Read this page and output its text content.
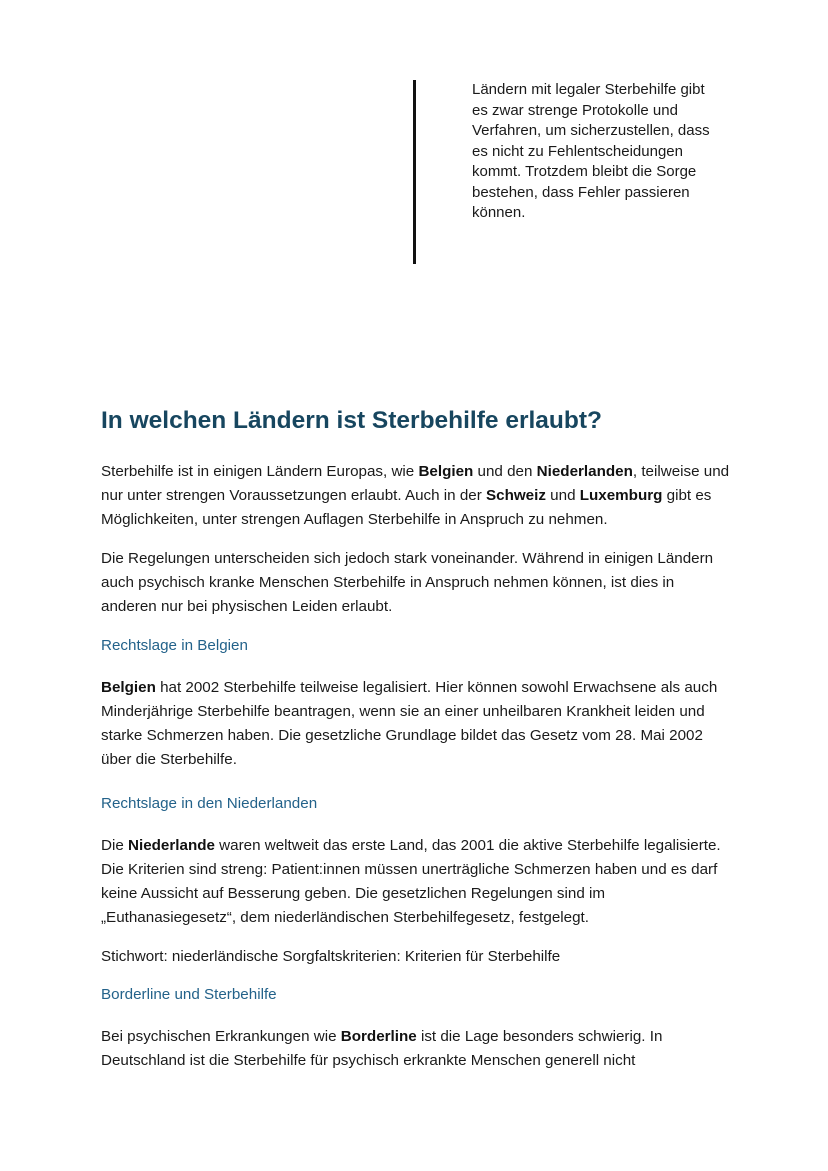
Ländern mit legaler Sterbehilfe gibt es zwar strenge Protokolle und Verfahren, um sicherzustellen, dass es nicht zu Fehlentscheidungen kommt. Trotzdem bleibt die Sorge bestehen, dass Fehler passieren können.

In welchen Ländern ist Sterbehilfe erlaubt?

Sterbehilfe ist in einigen Ländern Europas, wie Belgien und den Niederlanden, teilweise und nur unter strengen Voraussetzungen erlaubt. Auch in der Schweiz und Luxemburg gibt es Möglichkeiten, unter strengen Auflagen Sterbehilfe in Anspruch zu nehmen.

Die Regelungen unterscheiden sich jedoch stark voneinander. Während in einigen Ländern auch psychisch kranke Menschen Sterbehilfe in Anspruch nehmen können, ist dies in anderen nur bei physischen Leiden erlaubt.

Rechtslage in Belgien

Belgien hat 2002 Sterbehilfe teilweise legalisiert. Hier können sowohl Erwachsene als auch Minderjährige Sterbehilfe beantragen, wenn sie an einer unheilbaren Krankheit leiden und starke Schmerzen haben. Die gesetzliche Grundlage bildet das Gesetz vom 28. Mai 2002 über die Sterbehilfe.

Rechtslage in den Niederlanden

Die Niederlande waren weltweit das erste Land, das 2001 die aktive Sterbehilfe legalisierte. Die Kriterien sind streng: Patient:innen müssen unerträgliche Schmerzen haben und es darf keine Aussicht auf Besserung geben. Die gesetzlichen Regelungen sind im „Euthanasiegesetz“, dem niederländischen Sterbehilfegesetz, festgelegt.

Stichwort: niederländische Sorgfaltskriterien: Kriterien für Sterbehilfe

Borderline und Sterbehilfe

Bei psychischen Erkrankungen wie Borderline ist die Lage besonders schwierig. In Deutschland ist die Sterbehilfe für psychisch erkrankte Menschen generell nicht
